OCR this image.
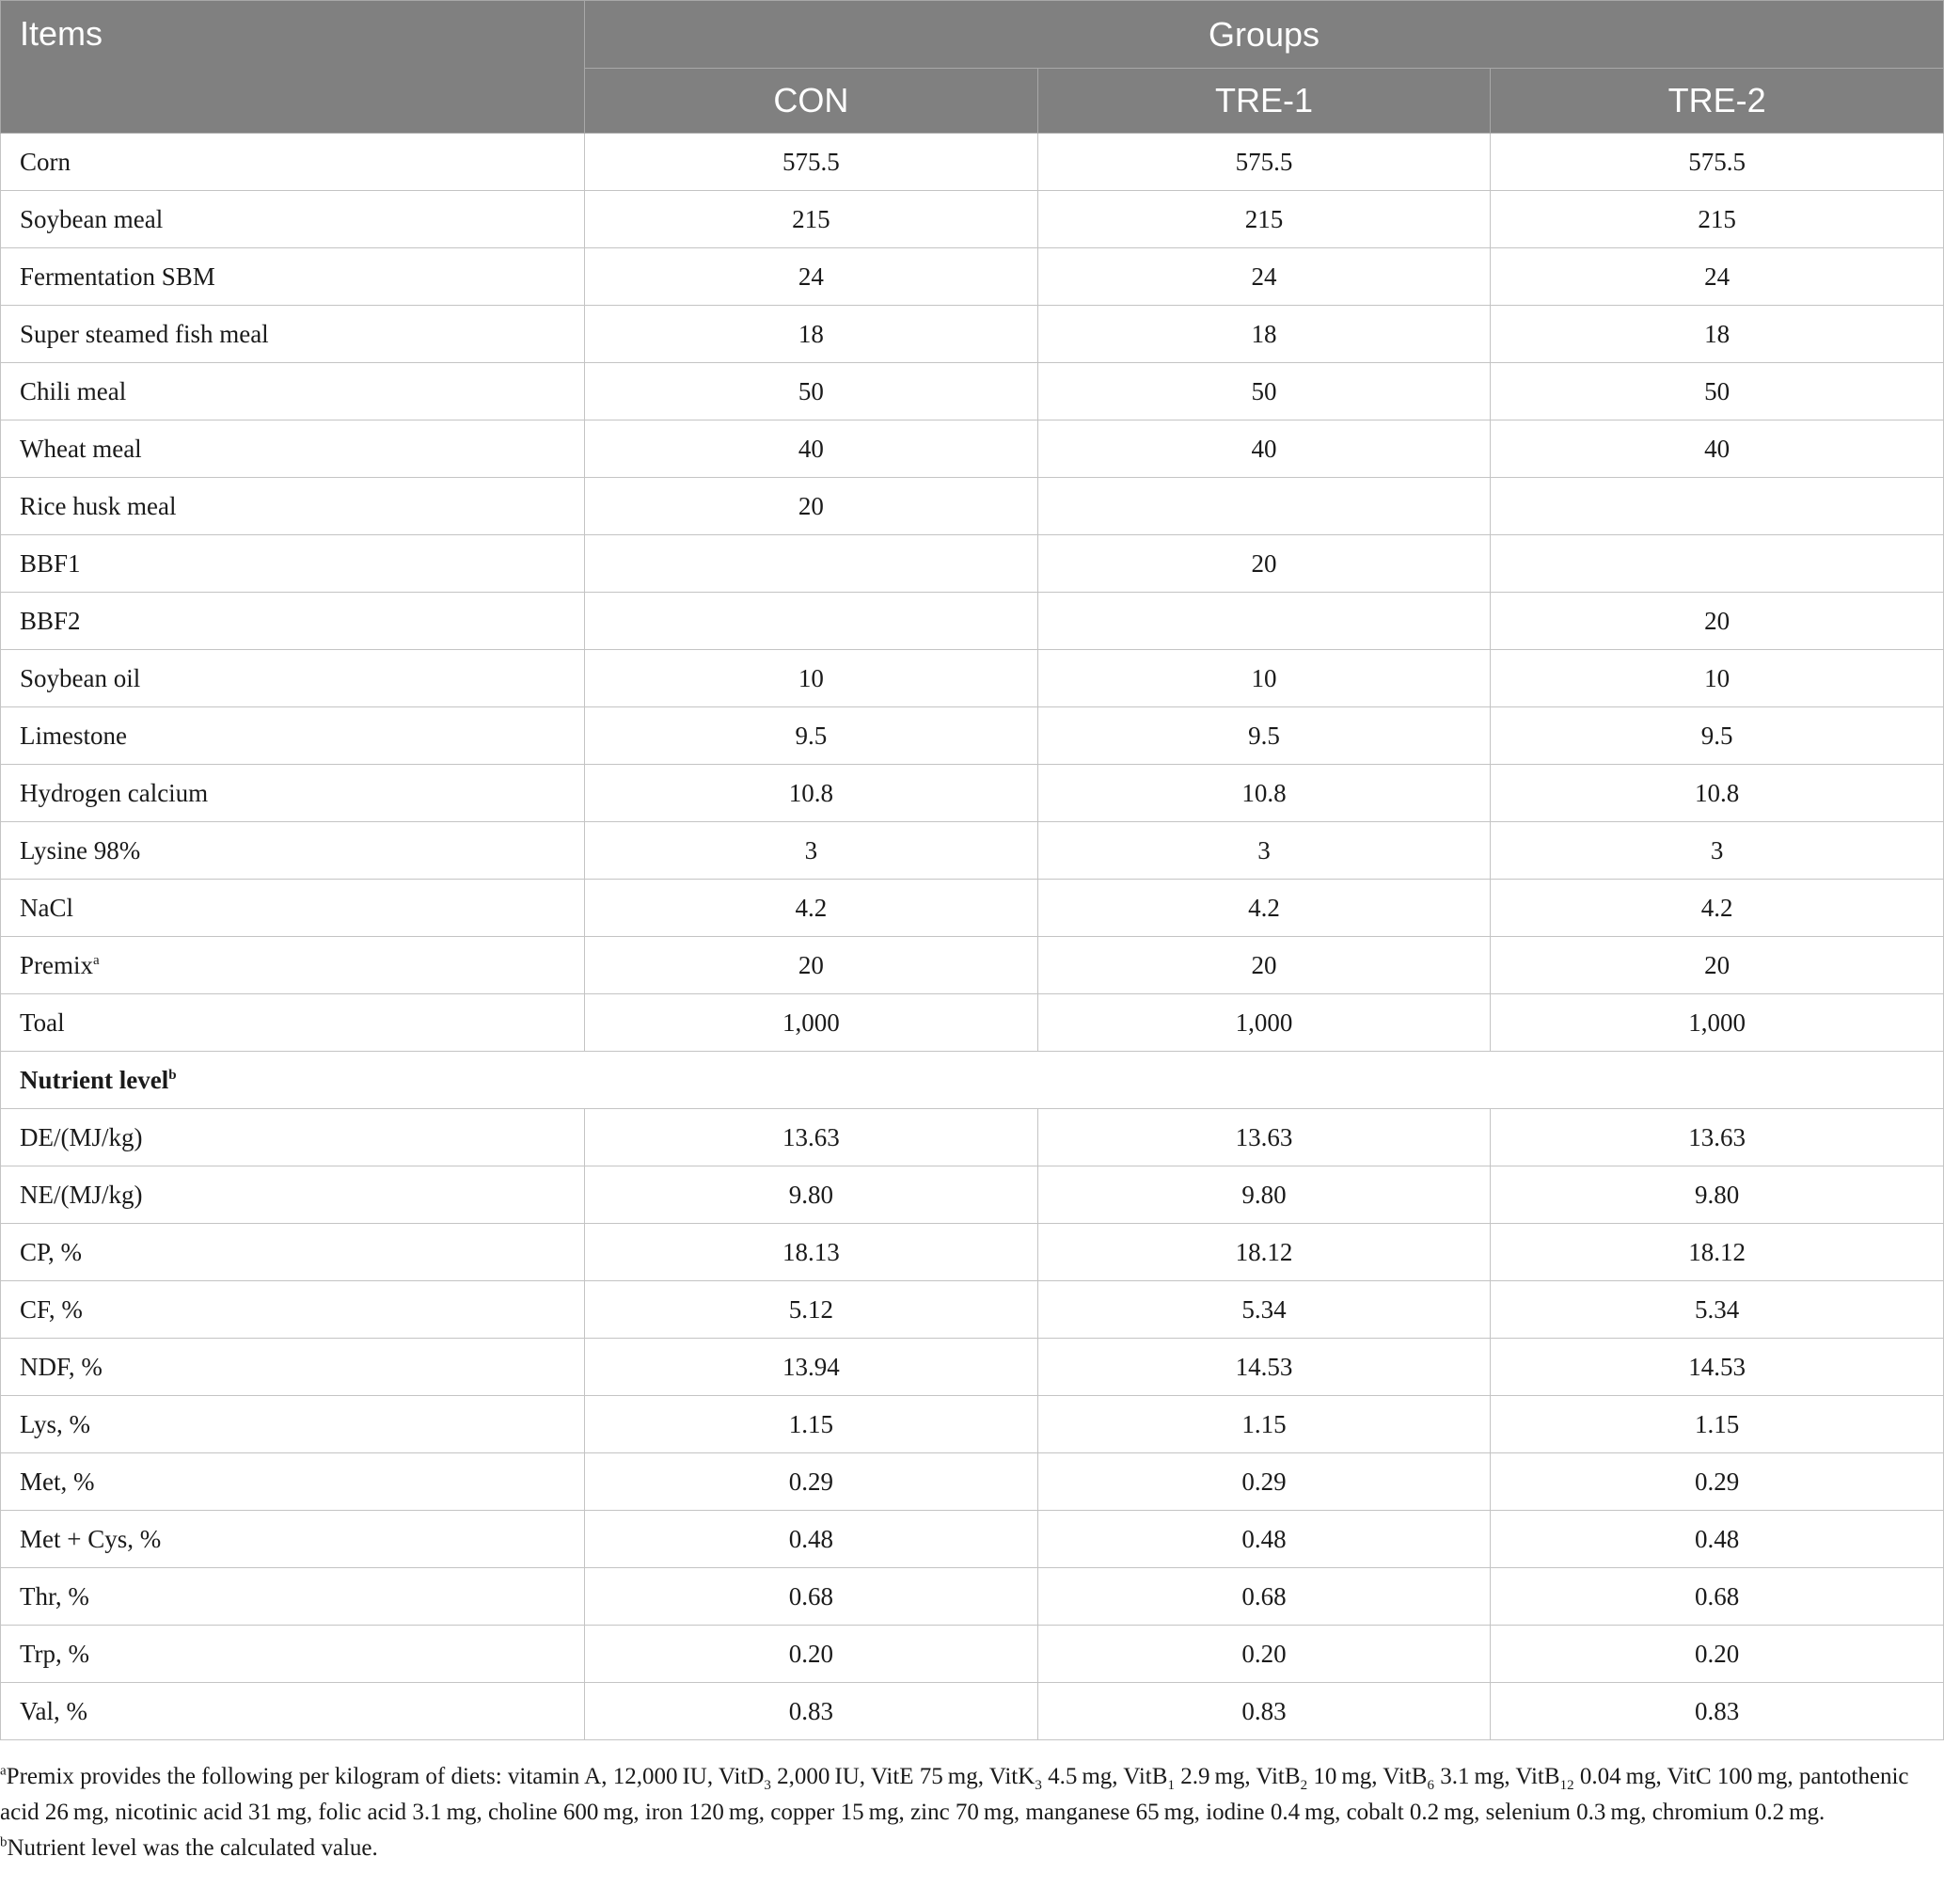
Items	Groups		
	CON	TRE-1	TRE-2
Corn	575.5	575.5	575.5
Soybean meal	215	215	215
Fermentation SBM	24	24	24
Super steamed fish meal	18	18	18
Chili meal	50	50	50
Wheat meal	40	40	40
Rice husk meal	20		
BBF1		20	
BBF2			20
Soybean oil	10	10	10
Limestone	9.5	9.5	9.5
Hydrogen calcium	10.8	10.8	10.8
Lysine 98%	3	3	3
NaCl	4.2	4.2	4.2
Premix$^a$	20	20	20
Toal	1,000	1,000	1,000
Nutrient level$^b$
DE/(MJ/kg)	13.63	13.63	13.63
NE/(MJ/kg)	9.80	9.80	9.80
CP, %	18.13	18.12	18.12
CF, %	5.12	5.34	5.34
NDF, %	13.94	14.53	14.53
Lys, %	1.15	1.15	1.15
Met, %	0.29	0.29	0.29
Met + Cys, %	0.48	0.48	0.48
Thr, %	0.68	0.68	0.68
Trp, %	0.20	0.20	0.20
Val, %	0.83	0.83	0.83

$^a$Premix provides the following per kilogram of diets: vitamin A, 12,000 IU, VitD$_3$ 2,000 IU, VitE 75 mg, VitK$_3$ 4.5 mg, VitB$_1$ 2.9 mg, VitB$_2$ 10 mg, VitB$_6$ 3.1 mg, VitB$_{12}$ 0.04 mg, VitC 100 mg, pantothenic acid 26 mg, nicotinic acid 31 mg, folic acid 3.1 mg, choline 600 mg, iron 120 mg, copper 15 mg, zinc 70 mg, manganese 65 mg, iodine 0.4 mg, cobalt 0.2 mg, selenium 0.3 mg, chromium 0.2 mg.

$^b$Nutrient level was the calculated value.
